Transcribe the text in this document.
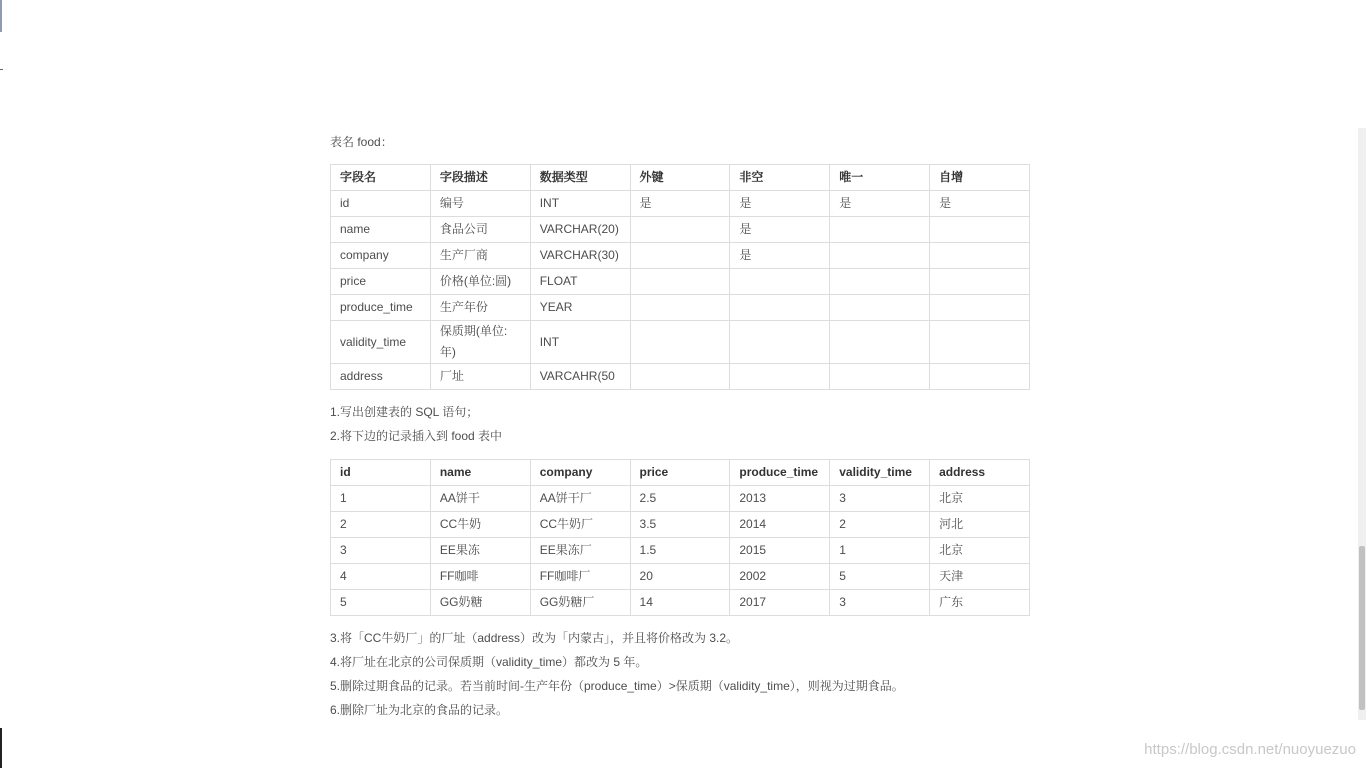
表名 food：
字段名	字段描述	数据类型	外键	非空	唯一	自增
id	编号	INT	是	是	是	是
name	食品公司	VARCHAR(20)		是		
company	生产厂商	VARCHAR(30)		是		
price	价格(单位:圆)	FLOAT				
produce_time	生产年份	YEAR				
validity_time	保质期(单位:年)	INT				
address	厂址	VARCAHR(50				
1.写出创建表的 SQL 语句；
2.将下边的记录插入到 food 表中
id	name	company	price	produce_time	validity_time	address
1	AA饼干	AA饼干厂	2.5	2013	3	北京
2	CC牛奶	CC牛奶厂	3.5	2014	2	河北
3	EE果冻	EE果冻厂	1.5	2015	1	北京
4	FF咖啡	FF咖啡厂	20	2002	5	天津
5	GG奶糖	GG奶糖厂	14	2017	3	广东
3.将「CC牛奶厂」的厂址（address）改为「内蒙古」，并且将价格改为 3.2。
4.将厂址在北京的公司保质期（validity_time）都改为 5 年。
5.删除过期食品的记录。若当前时间-生产年份（produce_time）>保质期（validity_time），则视为过期食品。
6.删除厂址为北京的食品的记录。
https://blog.csdn.net/nuoyuezuo
